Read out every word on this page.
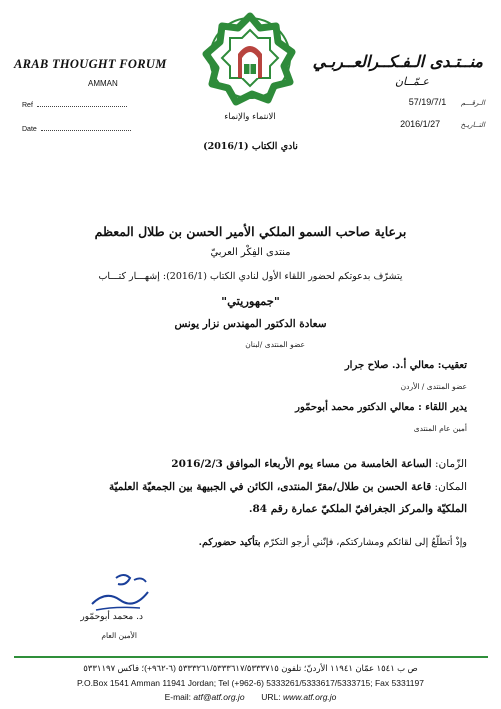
ARAB THOUGHT FORUM
AMMAN
Ref
Date
الانتماء والإنماء
منــتـدى الـفـكــرالعــربـي
عـمّــان
الـرقـــم 57/19/7/1
التــاريـخ 2016/1/27
نادي الكتاب (2016/1)
برعاية صاحب السمو الملكي الأمير الحسن بن طلال المعظم
منتدى الفِكْر العربيّ
يتشرّف بدعوتكم لحضور اللقاء الأول لنادي الكتاب (2016/1): إشهـــار كتـــاب
"جمهوريتي"
سعادة الدكتور المهندس نزار يونس
عضو المنتدى /لبنان
تعقيب: معالي أ.د. صلاح جرار
عضو المنتدى / الأردن
يدير اللقاء : معالي الدكتور محمد أبوحمّور
أمين عام المنتدى
الزّمان: الساعة الخامسة من مساء يوم الأربعاء الموافق 2016/2/3
المكان: قاعة الحسن بن طلال/مقرّ المنتدى، الكائن في الجبيهة بين الجمعيّة العلميّة
الملكيّة والمركز الجغرافيّ الملكيّ عمارة رقم 84.
وإذْ أتطلّعُ إلى لقائكم ومشاركتكم، فإنّني أرجو التكرّم بتأكيد حضوركم.
د. محمد أبوحمّور
الأمين العام
ص ب ١٥٤١ عمّان ١١٩٤١ الأردنّ؛ تلفون ٥٣٣٣٢٦١/٥٣٣٣٦١٧/٥٣٣٣٧١٥ (٦-٩٦٢+)؛ فاكس ٥٣٣١١٩٧
P.O.Box 1541 Amman 11941 Jordan; Tel (+962-6) 5333261/5333617/5333715; Fax 5331197
E-mail: atf@atf.org.jo URL: www.atf.org.jo
